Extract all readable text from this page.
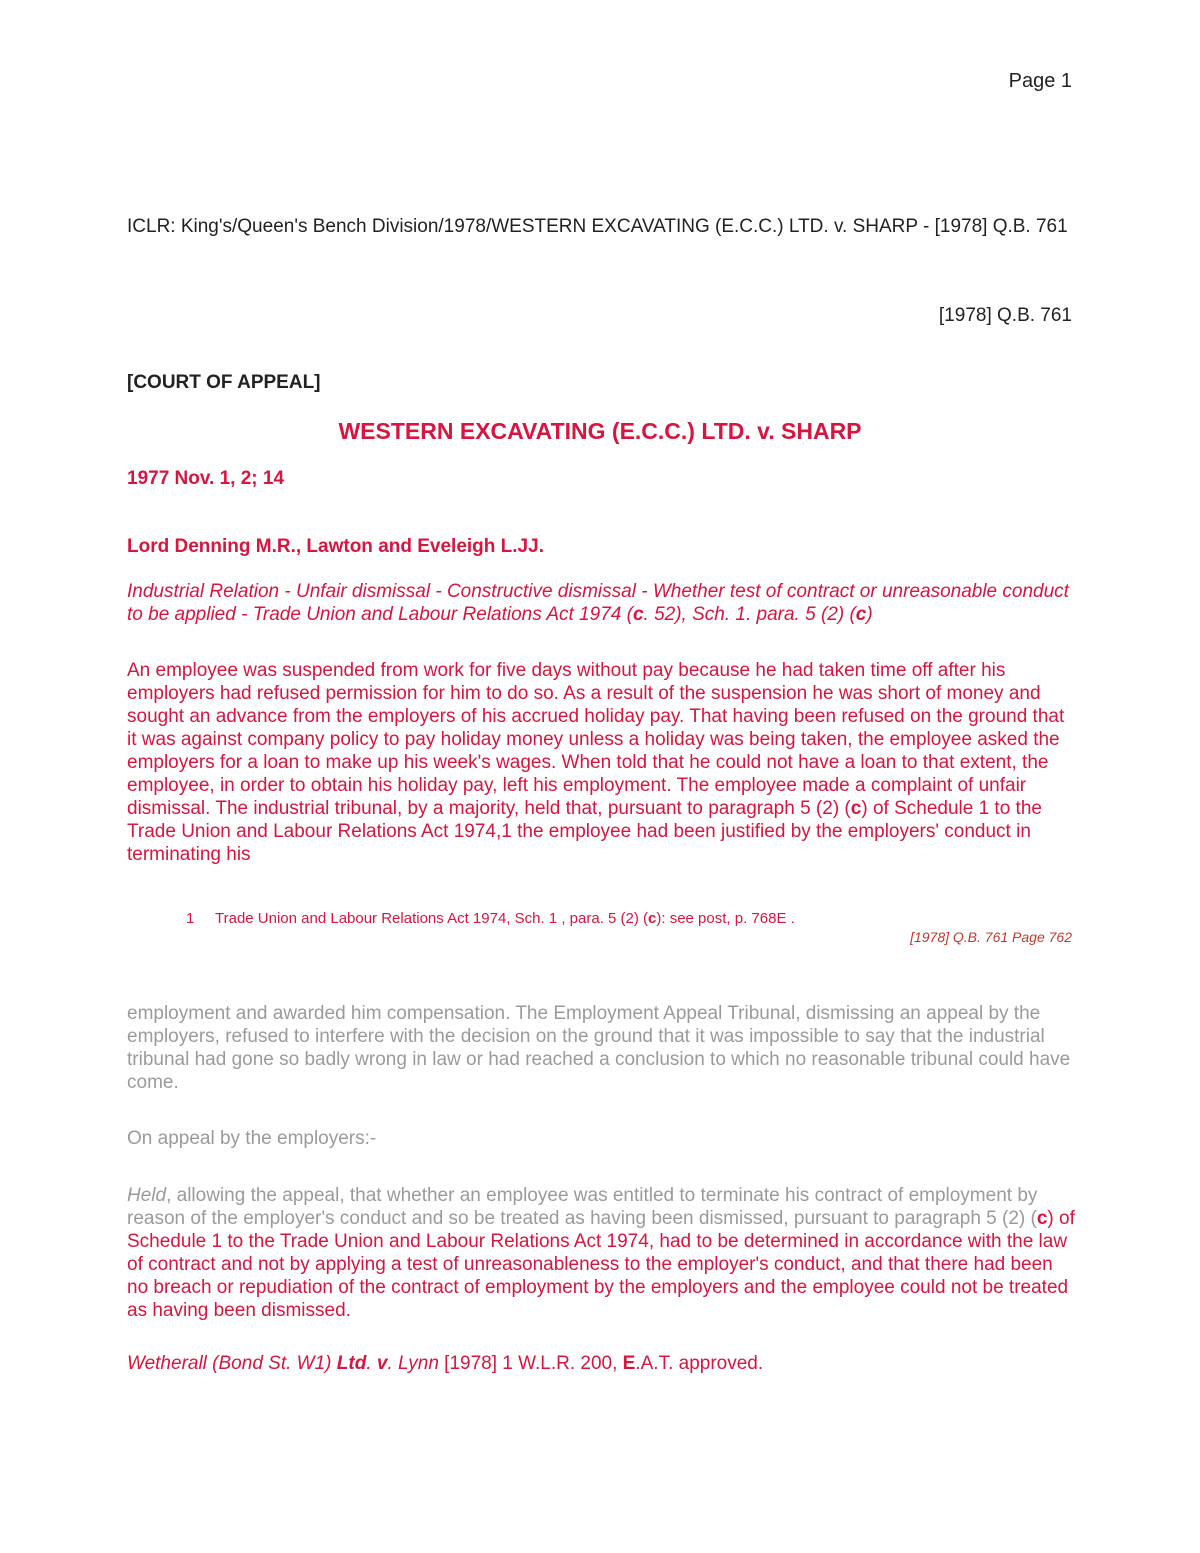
Page 1
ICLR: King's/Queen's Bench Division/1978/WESTERN EXCAVATING (E.C.C.) LTD. v. SHARP - [1978] Q.B. 761
[1978] Q.B. 761
[COURT OF APPEAL]
WESTERN EXCAVATING (E.C.C.) LTD. v. SHARP
1977 Nov. 1, 2; 14
Lord Denning M.R., Lawton and Eveleigh L.JJ.
Industrial Relation - Unfair dismissal - Constructive dismissal - Whether test of contract or unreasonable conduct to be applied - Trade Union and Labour Relations Act 1974 (c. 52), Sch. 1. para. 5 (2) (c)
An employee was suspended from work for five days without pay because he had taken time off after his employers had refused permission for him to do so. As a result of the suspension he was short of money and sought an advance from the employers of his accrued holiday pay. That having been refused on the ground that it was against company policy to pay holiday money unless a holiday was being taken, the employee asked the employers for a loan to make up his week's wages. When told that he could not have a loan to that extent, the employee, in order to obtain his holiday pay, left his employment. The employee made a complaint of unfair dismissal. The industrial tribunal, by a majority, held that, pursuant to paragraph 5 (2) (c) of Schedule 1 to the Trade Union and Labour Relations Act 1974,1 the employee had been justified by the employers' conduct in terminating his
1 Trade Union and Labour Relations Act 1974, Sch. 1 , para. 5 (2) (c): see post, p. 768E .
[1978] Q.B. 761 Page 762
employment and awarded him compensation. The Employment Appeal Tribunal, dismissing an appeal by the employers, refused to interfere with the decision on the ground that it was impossible to say that the industrial tribunal had gone so badly wrong in law or had reached a conclusion to which no reasonable tribunal could have come.
On appeal by the employers:-
Held, allowing the appeal, that whether an employee was entitled to terminate his contract of employment by reason of the employer's conduct and so be treated as having been dismissed, pursuant to paragraph 5 (2) (c) of Schedule 1 to the Trade Union and Labour Relations Act 1974, had to be determined in accordance with the law of contract and not by applying a test of unreasonableness to the employer's conduct, and that there had been no breach or repudiation of the contract of employment by the employers and the employee could not be treated as having been dismissed.
Wetherall (Bond St. W1) Ltd. v. Lynn [1978] 1 W.L.R. 200, E.A.T. approved.
